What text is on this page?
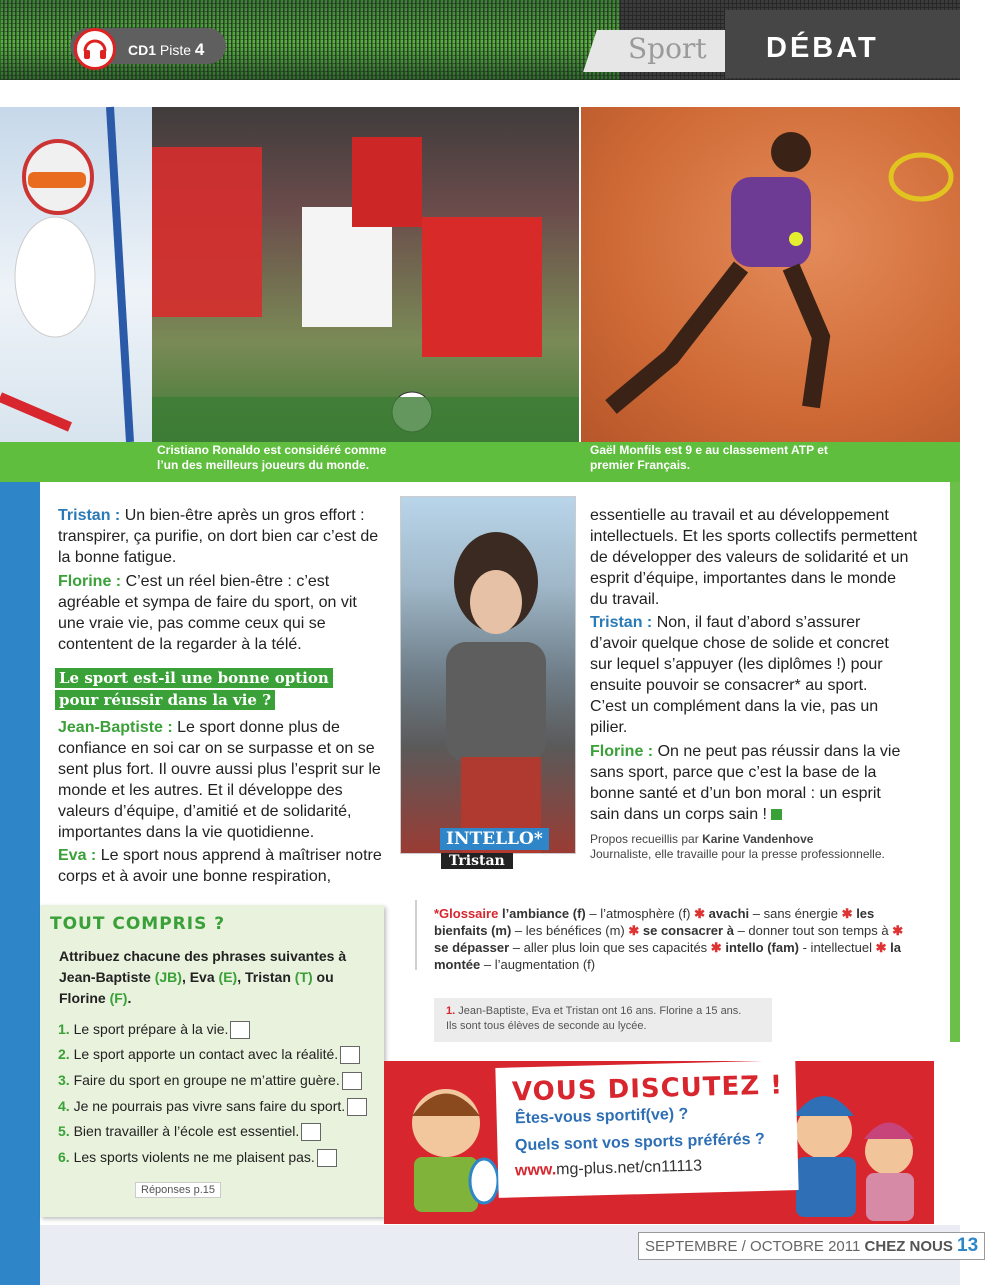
CD1 Piste 4	Sport DÉBAT
Cristiano Ronaldo est considéré comme l’un des meilleurs joueurs du monde.
Gaël Monfils est 9 e au classement ATP et premier Français.
Tristan : Un bien-être après un gros effort : transpirer, ça purifie, on dort bien car c’est de la bonne fatigue.
Florine : C’est un réel bien-être : c’est agréable et sympa de faire du sport, on vit une vraie vie, pas comme ceux qui se contentent de la regarder à la télé.
Le sport est-il une bonne option
pour réussir dans la vie ?
Jean-Baptiste : Le sport donne plus de confiance en soi car on se surpasse et on se sent plus fort. Il ouvre aussi plus l’esprit sur le monde et les autres. Et il développe des valeurs d’équipe, d’amitié et de solidarité, importantes dans la vie quotidienne.
Eva : Le sport nous apprend à maîtriser notre corps et à avoir une bonne respiration,
INTELLO*
Tristan
essentielle au travail et au développement intellectuels. Et les sports collectifs permettent de développer des valeurs de solidarité et un esprit d’équipe, importantes dans le monde du travail.
Tristan : Non, il faut d’abord s’assurer d’avoir quelque chose de solide et concret sur lequel s’appuyer (les diplômes !) pour ensuite pouvoir se consacrer* au sport. C’est un complément dans la vie, pas un pilier.
Florine : On ne peut pas réussir dans la vie sans sport, parce que c’est la base de la bonne santé et d’un bon moral : un esprit sain dans un corps sain !
Propos recueillis par Karine Vandenhove
Journaliste, elle travaille pour la presse professionnelle.
*Glossaire l’ambiance (f) – l’atmosphère (f) ✱ avachi – sans énergie ✱ les bienfaits (m) – les bénéfices (m) ✱ se consacrer à – donner tout son temps à ✱ se dépasser – aller plus loin que ses capacités ✱ intello (fam) - intellectuel ✱ la montée – l’augmentation (f)
1. Jean-Baptiste, Eva et Tristan ont 16 ans. Florine a 15 ans.
Ils sont tous élèves de seconde au lycée.
TOUT COMPRIS ?
Attribuez chacune des phrases suivantes à Jean-Baptiste (JB), Eva (E), Tristan (T) ou Florine (F).
1. Le sport prépare à la vie.
2. Le sport apporte un contact avec la réalité.
3. Faire du sport en groupe ne m’attire guère.
4. Je ne pourrais pas vivre sans faire du sport.
5. Bien travailler à l’école est essentiel.
6. Les sports violents ne me plaisent pas.
Réponses p.15
VOUS DISCUTEZ !
Êtes-vous sportif(ve) ?
Quels sont vos sports préférés ?
www.mg-plus.net/cn11113
SEPTEMBRE / OCTOBRE 2011 CHEZ NOUS 13
